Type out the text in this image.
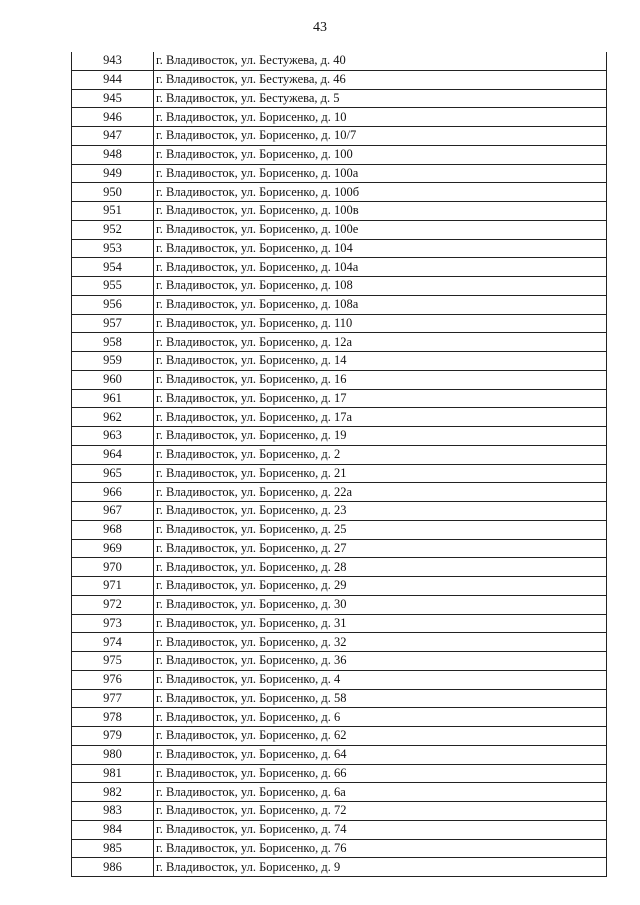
43
943	г. Владивосток, ул. Бестужева, д. 40
944	г. Владивосток, ул. Бестужева, д. 46
945	г. Владивосток, ул. Бестужева, д. 5
946	г. Владивосток, ул. Борисенко, д. 10
947	г. Владивосток, ул. Борисенко, д. 10/7
948	г. Владивосток, ул. Борисенко, д. 100
949	г. Владивосток, ул. Борисенко, д. 100а
950	г. Владивосток, ул. Борисенко, д. 100б
951	г. Владивосток, ул. Борисенко, д. 100в
952	г. Владивосток, ул. Борисенко, д. 100е
953	г. Владивосток, ул. Борисенко, д. 104
954	г. Владивосток, ул. Борисенко, д. 104а
955	г. Владивосток, ул. Борисенко, д. 108
956	г. Владивосток, ул. Борисенко, д. 108а
957	г. Владивосток, ул. Борисенко, д. 110
958	г. Владивосток, ул. Борисенко, д. 12а
959	г. Владивосток, ул. Борисенко, д. 14
960	г. Владивосток, ул. Борисенко, д. 16
961	г. Владивосток, ул. Борисенко, д. 17
962	г. Владивосток, ул. Борисенко, д. 17а
963	г. Владивосток, ул. Борисенко, д. 19
964	г. Владивосток, ул. Борисенко, д. 2
965	г. Владивосток, ул. Борисенко, д. 21
966	г. Владивосток, ул. Борисенко, д. 22а
967	г. Владивосток, ул. Борисенко, д. 23
968	г. Владивосток, ул. Борисенко, д. 25
969	г. Владивосток, ул. Борисенко, д. 27
970	г. Владивосток, ул. Борисенко, д. 28
971	г. Владивосток, ул. Борисенко, д. 29
972	г. Владивосток, ул. Борисенко, д. 30
973	г. Владивосток, ул. Борисенко, д. 31
974	г. Владивосток, ул. Борисенко, д. 32
975	г. Владивосток, ул. Борисенко, д. 36
976	г. Владивосток, ул. Борисенко, д. 4
977	г. Владивосток, ул. Борисенко, д. 58
978	г. Владивосток, ул. Борисенко, д. 6
979	г. Владивосток, ул. Борисенко, д. 62
980	г. Владивосток, ул. Борисенко, д. 64
981	г. Владивосток, ул. Борисенко, д. 66
982	г. Владивосток, ул. Борисенко, д. 6а
983	г. Владивосток, ул. Борисенко, д. 72
984	г. Владивосток, ул. Борисенко, д. 74
985	г. Владивосток, ул. Борисенко, д. 76
986	г. Владивосток, ул. Борисенко, д. 9
